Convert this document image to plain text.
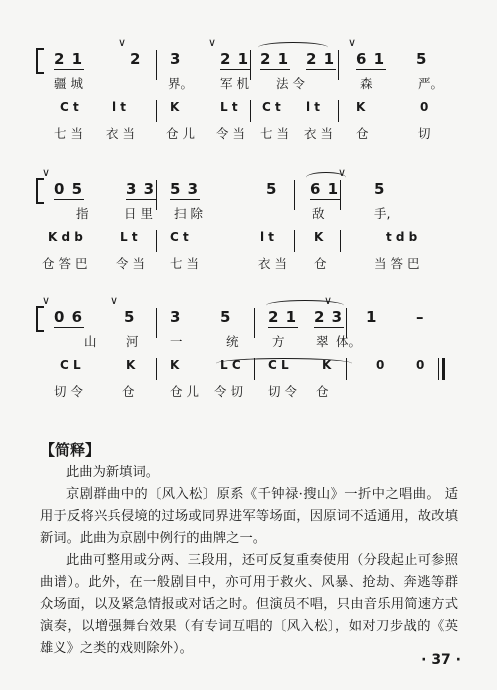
∨	∨	∨
2 1	2 3	2 1 2 1 2 1 6 1 5
疆 城	界。 军 机 法 令	森	严。
C t	l t	K	L t C t l t	K	0
七 当 衣 当 仓 儿 令 当 七 当 衣 当 仓	切
∨	∨
0 5	3 3 5 3	5 6 1 5
指	日 里 扫 除	敌	手,
K d b	L t	C t	l t	K	t d b
仓 答 巴 令 当 七 当	衣 当 仓	当 答 巴
∨	∨	∨
0 6	5 3	5 2 1 2 3 1	–
山 河	一	统	方	翠 体。
C L	K	K	L C C L	K	0	0
切 令	仓	仓 儿 令 切 切 令 仓
【简释】
此曲为新填词。
京剧群曲中的〔风入松〕原系《千钟禄·搜山》一折中之唱曲。 适用于反将兴兵侵境的过场或同界进军等场面，因原词不适通用，故改填新词。此曲为京剧中例行的曲牌之一。
此曲可整用或分两、三段用，还可反复重奏使用（分段起止可参照曲谱）。此外，在一般剧目中，亦可用于救火、风暴、抢劫、奔逃等群众场面，以及紧急情报或对话之时。但演员不唱，只由音乐用简速方式演奏，以增强舞台效果（有专词互唱的〔风入松〕，如对刀步战的《英雄义》之类的戏则除外）。
· 37 ·
